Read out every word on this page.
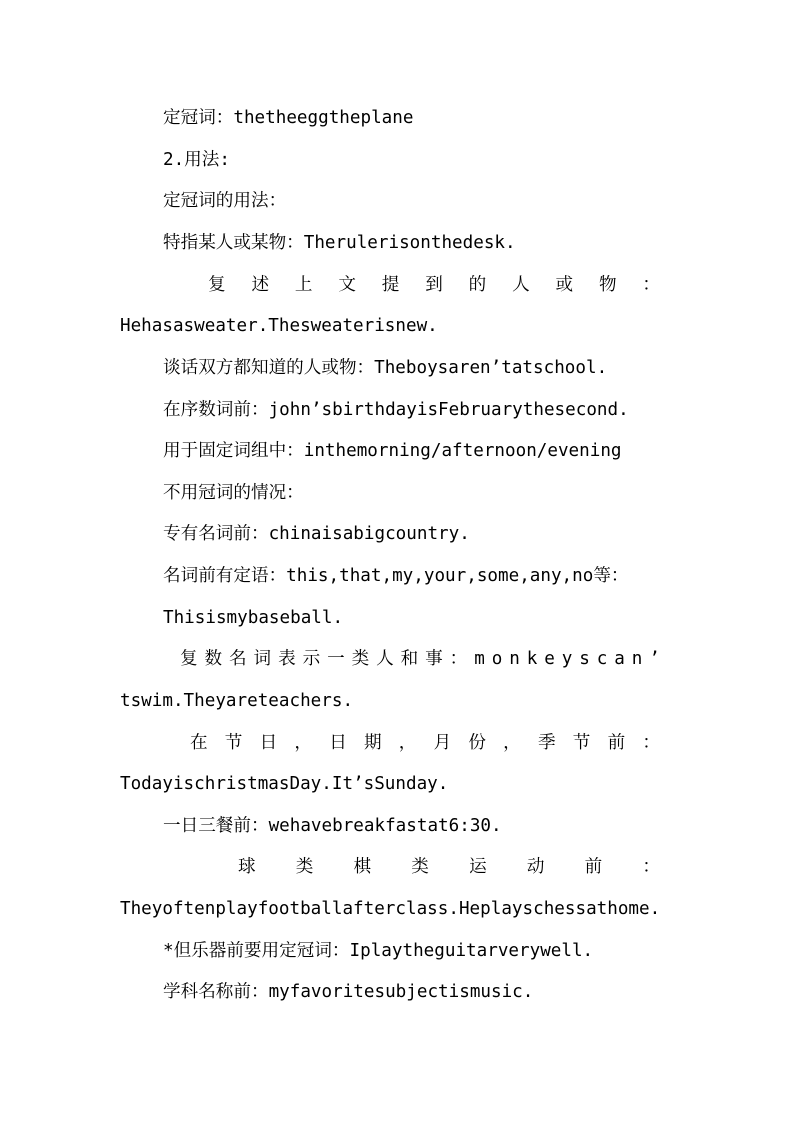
定冠词：thetheeggtheplane
2.用法:
定冠词的用法：
特指某人或某物：Therulerisonthedesk.
复 述 上 文 提 到 的 人 或 物 ：
Hehasasweater.Thesweaterisnew.
谈话双方都知道的人或物：Theboysaren’tatschool.
在序数词前：john’sbirthdayisFebruarythesecond.
用于固定词组中：inthemorning/afternoon/evening
不用冠词的情况：
专有名词前：chinaisabigcountry.
名词前有定语：this,that,my,your,some,any,no等：
Thisismybaseball.
复 数 名 词 表 示 一 类 人 和 事 ： m o n k e y s c a n ’
tswim.Theyareteachers.
在 节 日 ， 日 期 ， 月 份 ， 季 节 前 ：
TodayischristmasDay.It’sSunday.
一日三餐前：wehavebreakfastat6:30.
球 类 棋 类 运 动 前 ：
Theyoftenplayfootballafterclass.Heplayschessathome.
*但乐器前要用定冠词：Iplaytheguitarverywell.
学科名称前：myfavoritesubjectismusic.
